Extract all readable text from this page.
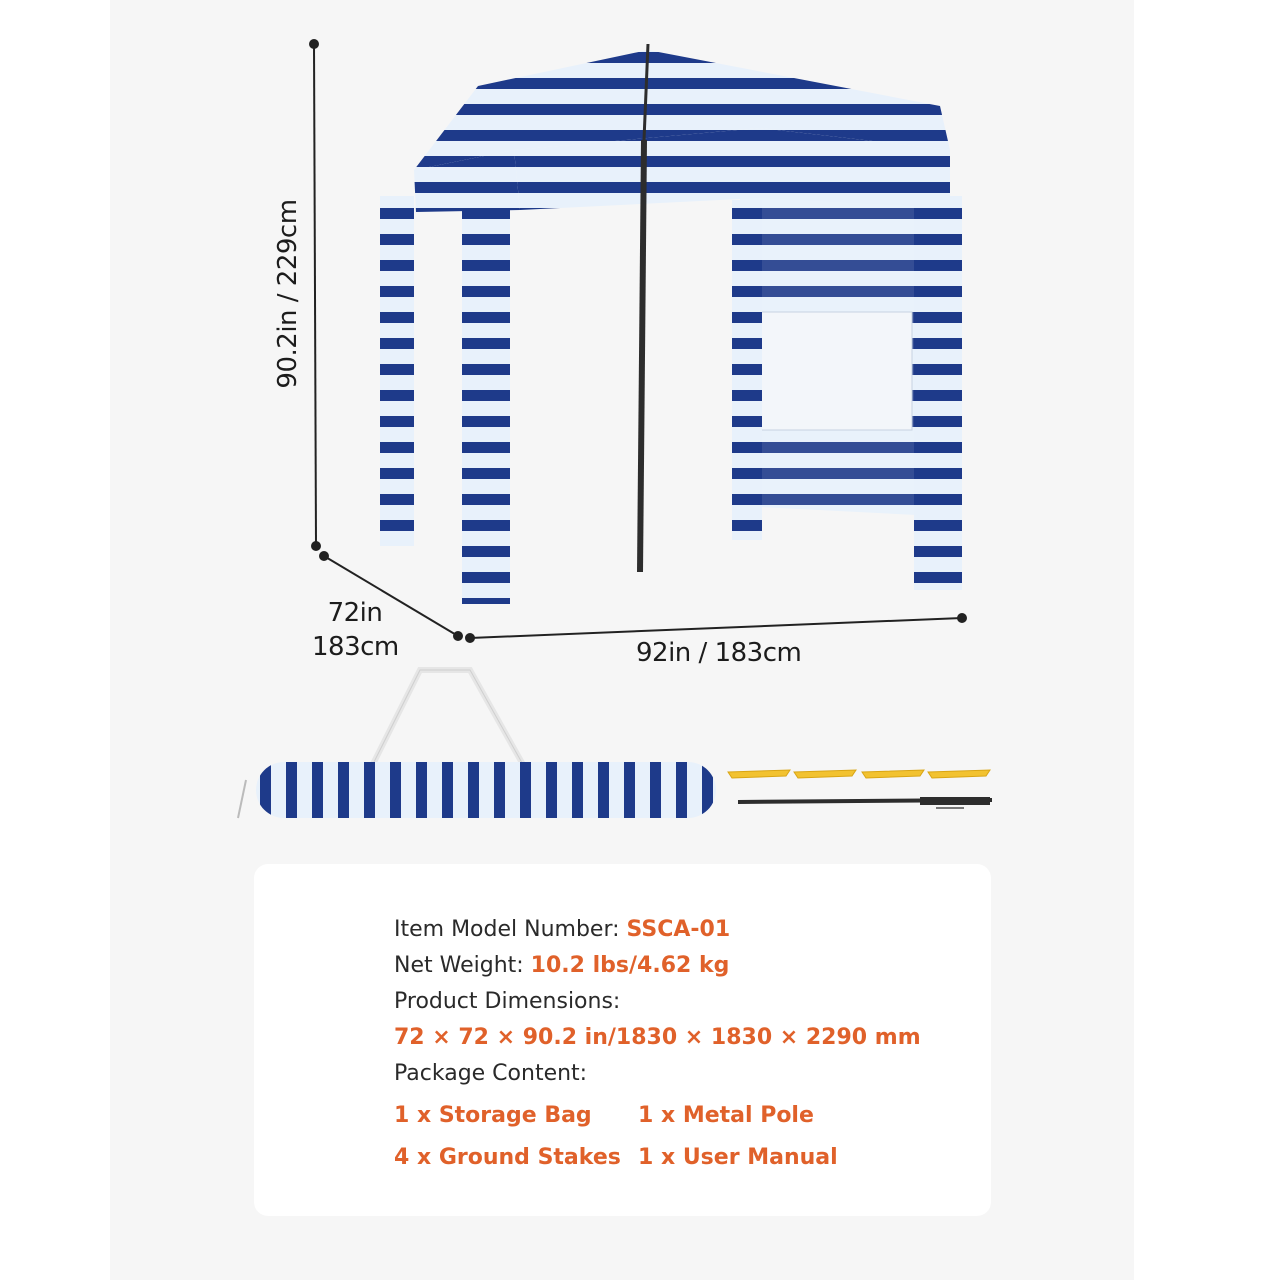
90.2in / 229cm
72in
183cm	92in / 183cm
Item Model Number: SSCA-01
Net Weight: 10.2 lbs/4.62 kg
Product Dimensions:
72 × 72 × 90.2 in/1830 × 1830 × 2290 mm
Package Content:
1 x Storage Bag	1 x Metal Pole
4 x Ground Stakes 1 x User Manual
